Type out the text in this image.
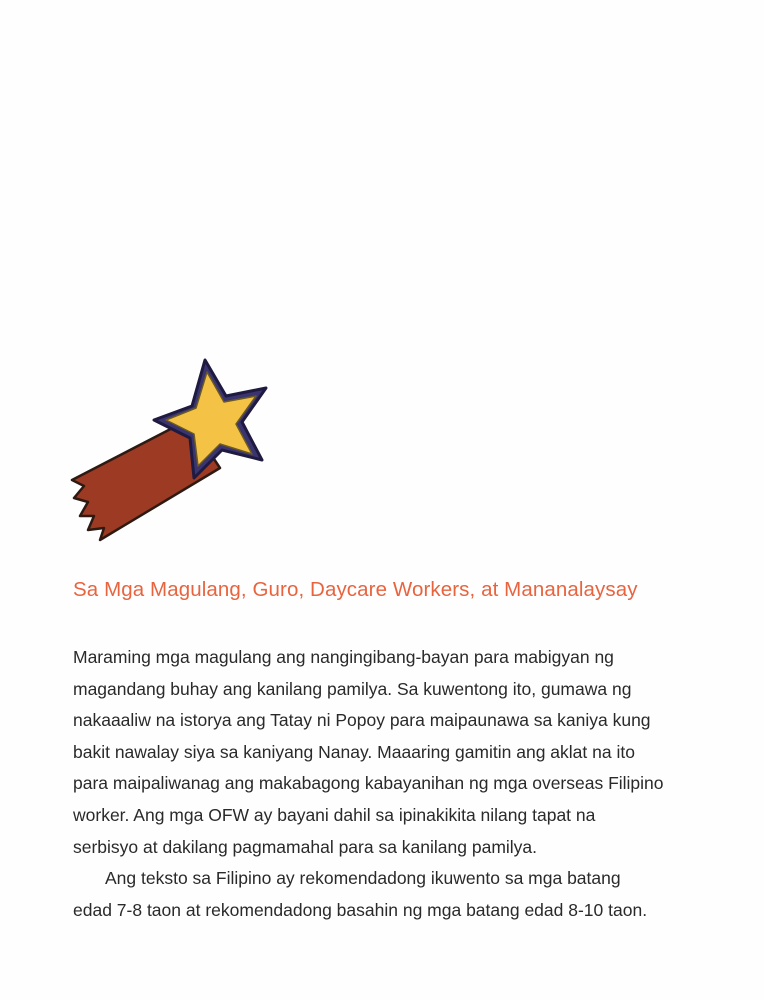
Sa Mga Magulang, Guro, Daycare Workers, at Mananalaysay

Maraming mga magulang ang nangingibang-bayan para mabigyan ng
magandang buhay ang kanilang pamilya. Sa kuwentong ito, gumawa ng
nakaaaliw na istorya ang Tatay ni Popoy para maipaunawa sa kaniya kung
bakit nawalay siya sa kaniyang Nanay. Maaaring gamitin ang aklat na ito
para maipaliwanag ang makabagong kabayanihan ng mga overseas Filipino
worker. Ang mga OFW ay bayani dahil sa ipinakikita nilang tapat na
serbisyo at dakilang pagmamahal para sa kanilang pamilya.

Ang teksto sa Filipino ay rekomendadong ikuwento sa mga batang
edad 7-8 taon at rekomendadong basahin ng mga batang edad 8-10 taon.
